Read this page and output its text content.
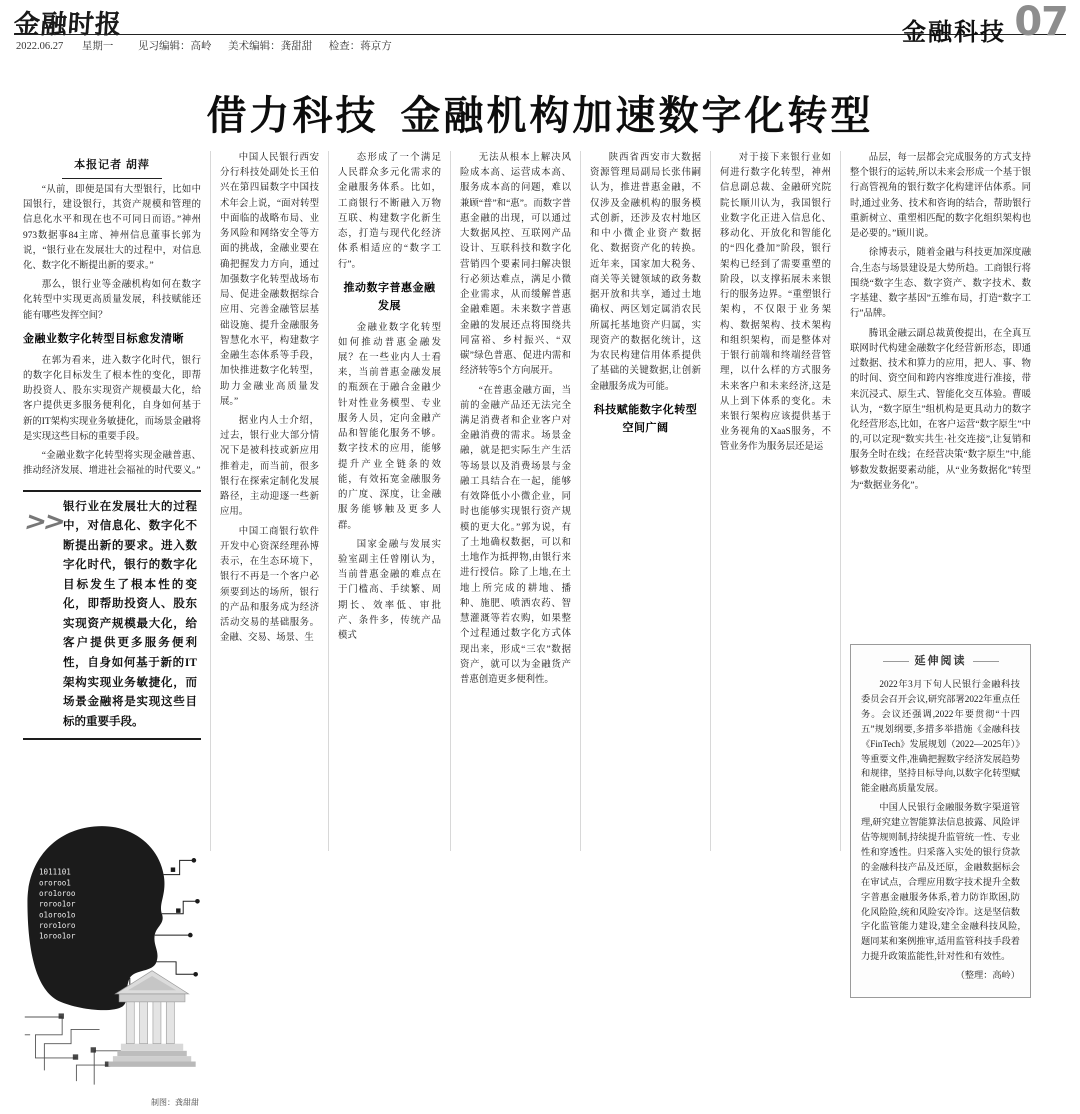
金融时报
2022.06.27 星期一 见习编辑：高岭 美术编辑：龚甜甜 检查：蒋京方
金融科技 07
借力科技 金融机构加速数字化转型
本报记者 胡萍

“从前，即便是国有大型银行，比如中国银行，建设银行，其资产规模和管理的信息化水平和现在也不可同日而语。”神州973数据事84主席、神州信息董事长郭为说，“银行业在发展壮大的过程中，对信息化、数字化不断提出新的要求。”

那么，银行业等金融机构如何在数字化转型中实现更高质量发展，科技赋能还能有哪些发挥空间？

金融业数字化转型目标愈发清晰

在郭为看来，进入数字化时代，银行的数字化目标发生了根本性的变化，即帮助投资人、股东实现资产规模最大化，给客户提供更多服务便利化，自身如何基于新的IT架构实现业务敏捷化，而场景金融将是实现这些目标的重要手段。

“金融业数字化转型将实现金融普惠、推动经济发展、增进社会福祉的时代要义。”

>>

银行业在发展壮大的过程中，对信息化、数字化不断提出新的要求。进入数字化时代，银行的数字化目标发生了根本性的变化，即帮助投资人、股东实现资产规模最大化，给客户提供更多服务便利性，自身如何基于新的IT架构实现业务敏捷化，而场景金融将是实现这些目标的重要手段。

1011101
ororoo1
oro1oroo
roroo1or
o1oroo1o
roro1oro
1oroo1or
制图：龚甜甜

中国人民银行西安分行科技处副处长王伯兴在第四届数字中国技术年会上说，“面对转型中面临的战略布局、业务风险和网络安全等方面的挑战，金融业要在确把握发力方向，通过加强数字化转型战场布局、促进金融数据综合应用、完善金融管层基础设施、提升金融服务智慧化水平，构建数字金融生态体系等手段，加快推进数字化转型，助力金融业高质量发展。”

据业内人士介绍，过去，银行业大部分情况下是被科技或新应用推着走，而当前，很多银行在探索定制化发展路径，主动迎逐一些新应用。

中国工商银行软件开发中心资深经理孙博表示，在生态环境下，银行不再是一个客户必须要到达的场所，银行的产品和服务成为经济活动交易的基础服务。金融、交易、场景、生

态形成了一个满足人民群众多元化需求的金融服务体系。比如，工商银行不断融入万物互联、构建数字化新生态，打造与现代化经济体系相适应的“数字工行”。

推动数字普惠金融发展

金融业数字化转型如何推动普惠金融发展？在一些业内人士看来，当前普惠金融发展的瓶颈在于融合金融少针对性业务模型、专业服务人员，定向金融产品和智能化服务不够。数字技术的应用，能够提升产业全链条的效能，有效拓宽金融服务的广度、深度，让金融服务能够触及更多人群。

国家金融与发展实验室副主任曾刚认为，当前普惠金融的难点在于门槛高、手续繁、周期长、效率低、审批产、条件多，传统产品模式

无法从根本上解决风险成本高、运营成本高、服务成本高的问题，难以兼顾“普”和“惠”。而数字普惠金融的出现，可以通过大数据风控、互联网产品设计、互联科技和数字化营销四个要素同扫解决银行必须达难点，满足小微企业需求，从而缓解普惠金融难题。未来数字普惠金融的发展还点将围绕共同富裕、乡村振兴、“双碳”绿色普惠、促进内需和经济转等5个方向展开。

“在普惠金融方面，当前的金融产品还无法完全满足消费者和企业客户对金融消费的需求。场景金融，就是把实际生产生活等场景以及消费场景与金融工具结合在一起，能够有效降低小小微企业，同时也能够实现银行资产规模的更大化。”郭为说，有了土地确权数据，可以和土地作为抵押物,由银行来进行授信。除了上地,在土地上所完成的耕地、播种、施肥、喷洒农药、智慧灌溉等若农购，如果整个过程通过数字化方式体现出来，形成“三农”数据资产，就可以为金融货产普惠创造更多便利性。

陕西省西安市大数据资源管理局副局长张伟嗣认为，推进普惠金融，不仅涉及金融机构的服务模式创新，还涉及农村地区和中小微企业资产数据化、数据资产化的转换。近年来，国家加大税务、商关等关键领域的政务数据开放和共享，通过土地确权、两区划定属消农民所属托基地资产归属，实现资产的数据化统计，这为农民构建信用体系提供了基础的关键数据,让创新金融服务成为可能。

科技赋能数字化转型空间广阔

对于接下来银行业如何进行数字化转型，神州信息副总裁、金融研究院院长顺川认为，我国银行业数字化正进入信息化、移动化、开放化和智能化的“四化叠加”阶段，银行架构已经到了需要重塑的阶段，以支撑拓展未来银行的服务边界。“重塑银行架构，不仅限于业务架构、数据架构、技术架构和组织架构，而是整体对于银行前端和终端经营管理，以什么样的方式服务未来客户和未来经济,这是从上到下体系的变化。未来银行架构应该提供基于业务视角的XaaS服务，不管业务作为服务层还是运

品层，每一层都会完成服务的方式支持整个银行的运转,所以未来会形成一个基于银行高管视角的银行数字化构建评估体系。同时,通过业务、技术和咨询的结合，帮助银行重新树立、重塑相匹配的数字化组织架构也是必要的。”顾川说。

徐博表示，随着金融与科技更加深度融合,生态与场景建设是大势所趋。工商银行将围绕“数字生态、数字资产、数字技术、数字基建、数字基因”五维布局，打造“数字工行”品牌。

腾讯金融云副总裁黄俊提出，在全真互联网时代构建金融数字化经营新形态，即通过数据、技术和算力的应用，把人、事、物的时间、资空间和跨内容维度进行准接，带来沉浸式、原生式、智能化交互体验。曹暖认为，“数字原生”组机构是更具动力的数字化经营形态,比如，在客户运营“数字原生”中的,可以定现“数实共生·社交连接”,让复销和服务全时在线；在经营决策“数字原生”中,能够数发数据要素动能，从“业务数据化”转型为“数据业务化”。

延伸阅读

2022年3月下旬人民银行金融科技委员会召开会议,研究部署2022年重点任务。会议还强调,2022年要贯彻“十四五”规划纲要,多措多举措施《金融科技《FinTech》发展规划（2022—2025年）》等重要文件,准确把握数字经济发展趋势和规律，坚持目标导向,以数字化转型赋能金融高质量发展。

中国人民银行金融服务数字渠道管理,研究建立智能算法信息披露、风险评估等规则制,持续提升监管统一性、专业性和穿透性。归采落入实处的银行贷款的金融科技产品及还原，金融数据标会在审试点，合理应用数字技术提升全数字普惠金融服务体系,着力防诈欺困,防化风险险,统和风险安冷诈。这是坚信数字化监管能力建设,建全金融科技风险,题同某和案例推审,适用监管科技手段着力提升政策监能性,针对性和有效性。

（整理：高岭）
